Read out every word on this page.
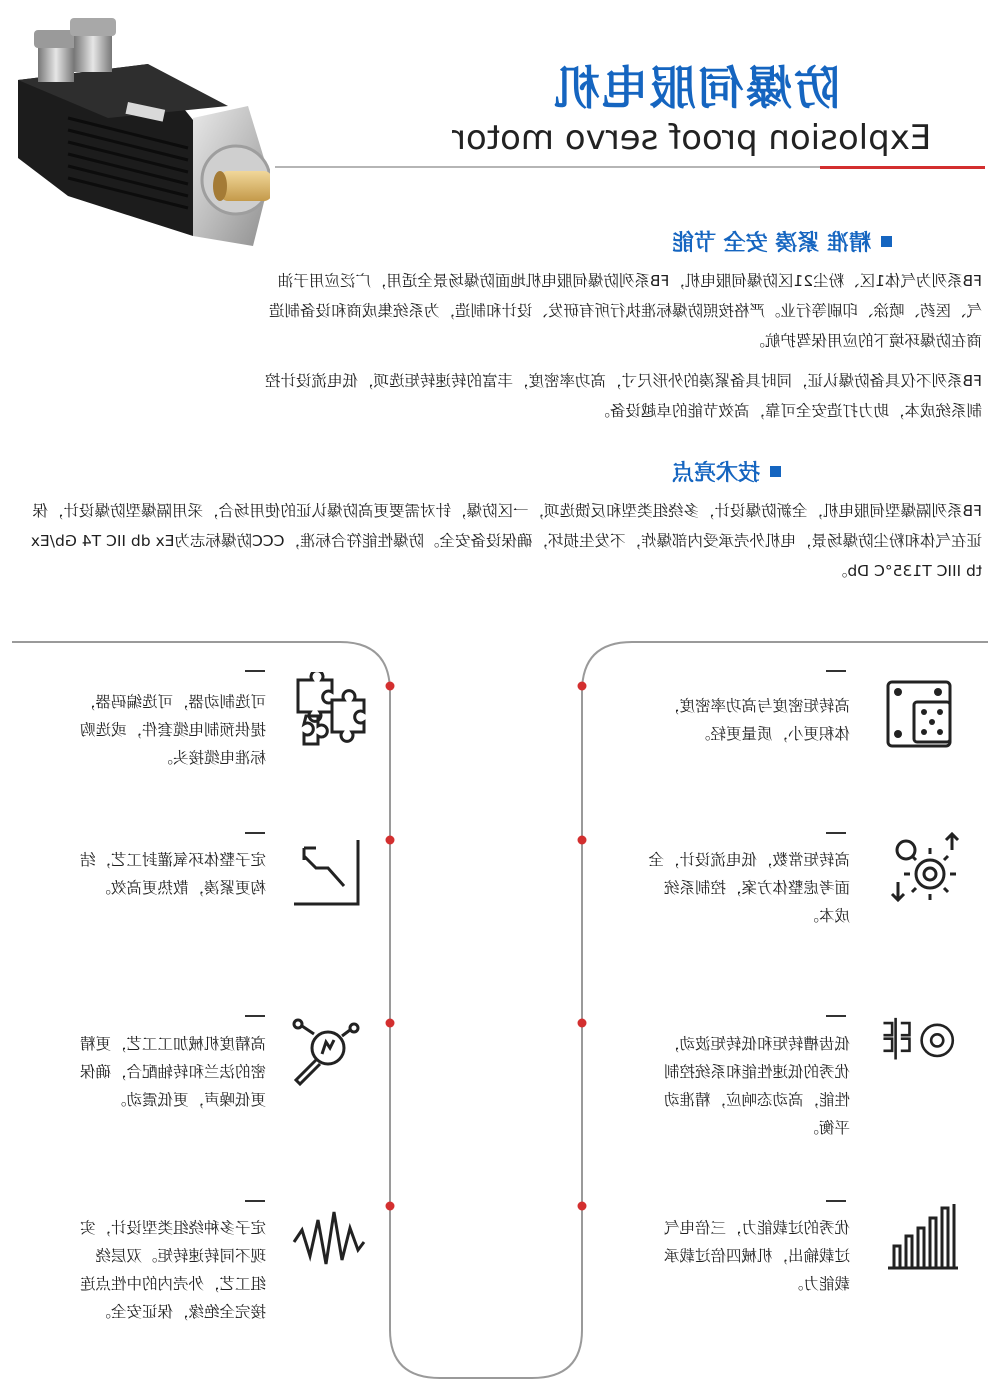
防爆伺服电机
Explosion proof servo motor
精准 紧凑 安全 节能
FB系列为气体1区、粉尘21区防爆伺服电机，FB系列防爆伺服电机地面防爆场景全适用，广泛应用于油气、医药、喷涂、印刷等行业。严格按照防爆标准执行所有研发、设计和制造，为系统集成商和设备制造商在防爆环境下的应用保驾护航。
FB系列不仅具备防爆认证，同时具备紧凑的外形尺寸，高功率密度，丰富的转速转矩选项，低电流设计控制系统成本，助力打造安全可靠，高效节能的卓越设备。
技术亮点
FB系列隔爆型伺服电机，全新防爆设计，多绕组类型和反馈选项，一区防爆，针对需要更高防爆认证的使用场合，采用隔爆型防爆设计，保证在气体和粉尘防爆场景，电机外壳承受内部爆炸，不发生损坏，确保设备安全。防爆性能符合标准，CCC防爆标志为Ex db IIC T4 Gb/Ex tb IIIC T135°C Db。
可选制动器，可选编码器，
提供预制电缆套件，或选购
标准电缆接头。
定子整体环氧灌封工艺，结
构更紧凑，散热更高效。
高精度机械加工工艺，更精
密的法兰和转轴配合，确保
更低噪声，更低震动。
定子多种绕组类型设计，实
现不同转速转矩。双层绕
组工艺，外壳内的中性点连
接完全绝缘，保证安全。
高转矩密度与高功率密度，
体积更小，质量更轻。
高转矩常数，低电流设计，全
面考虑整体方案，控制系统
成本。
低齿槽转矩和低转矩波动，
优秀的低速性能和系统控制
性能，高动态响应，精准动
平衡。
优秀的过载能力，三倍电气
过载输出，机械四倍过载承
载能力。
